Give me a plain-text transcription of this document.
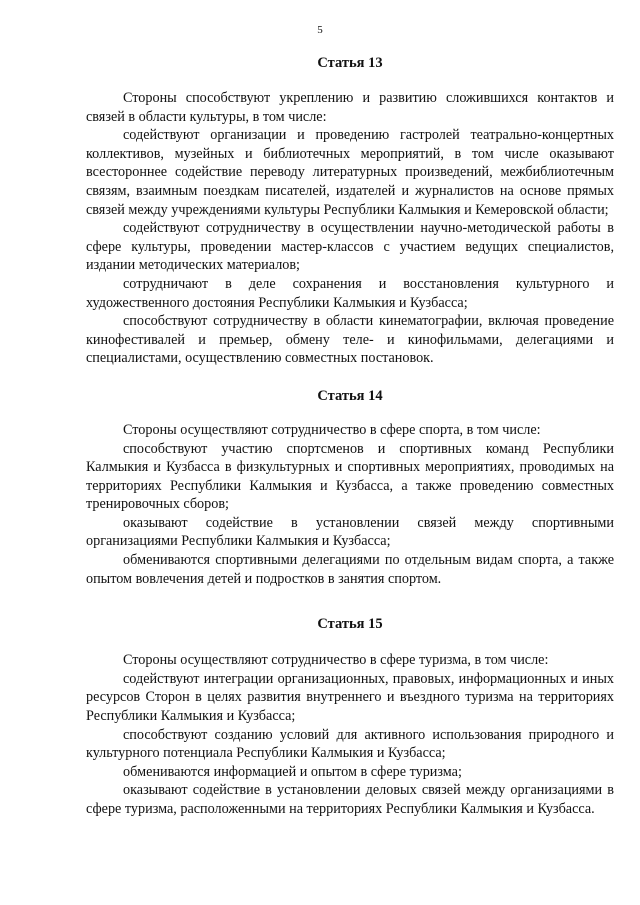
5
Статья 13

Стороны способствуют укреплению и развитию сложившихся контактов и связей в области культуры, в том числе:

содействуют организации и проведению гастролей театрально-концертных коллективов, музейных и библиотечных мероприятий, в том числе оказывают всестороннее содействие переводу литературных произведений, межбиблиотечным связям, взаимным поездкам писателей, издателей и журналистов на основе прямых связей между учреждениями культуры Республики Калмыкия и Кемеровской области;

содействуют сотрудничеству в осуществлении научно-методической работы в сфере культуры, проведении мастер-классов с участием ведущих специалистов, издании методических материалов;

сотрудничают в деле сохранения и восстановления культурного и художественного достояния Республики Калмыкия и Кузбасса;

способствуют сотрудничеству в области кинематографии, включая проведение кинофестивалей и премьер, обмену теле- и кинофильмами, делегациями и специалистами, осуществлению совместных постановок.

Статья 14

Стороны осуществляют сотрудничество в сфере спорта, в том числе:

способствуют участию спортсменов и спортивных команд Республики Калмыкия и Кузбасса в физкультурных и спортивных мероприятиях, проводимых на территориях Республики Калмыкия и Кузбасса, а также проведению совместных тренировочных сборов;

оказывают содействие в установлении связей между спортивными организациями Республики Калмыкия и Кузбасса;

обмениваются спортивными делегациями по отдельным видам спорта, а также опытом вовлечения детей и подростков в занятия спортом.

Статья 15

Стороны осуществляют сотрудничество в сфере туризма, в том числе:

содействуют интеграции организационных, правовых, информационных и иных ресурсов Сторон в целях развития внутреннего и въездного туризма на территориях Республики Калмыкия и Кузбасса;

способствуют созданию условий для активного использования природного и культурного потенциала Республики Калмыкия и Кузбасса;

обмениваются информацией и опытом в сфере туризма;

оказывают содействие в установлении деловых связей между организациями в сфере туризма, расположенными на территориях Республики Калмыкия и Кузбасса.
